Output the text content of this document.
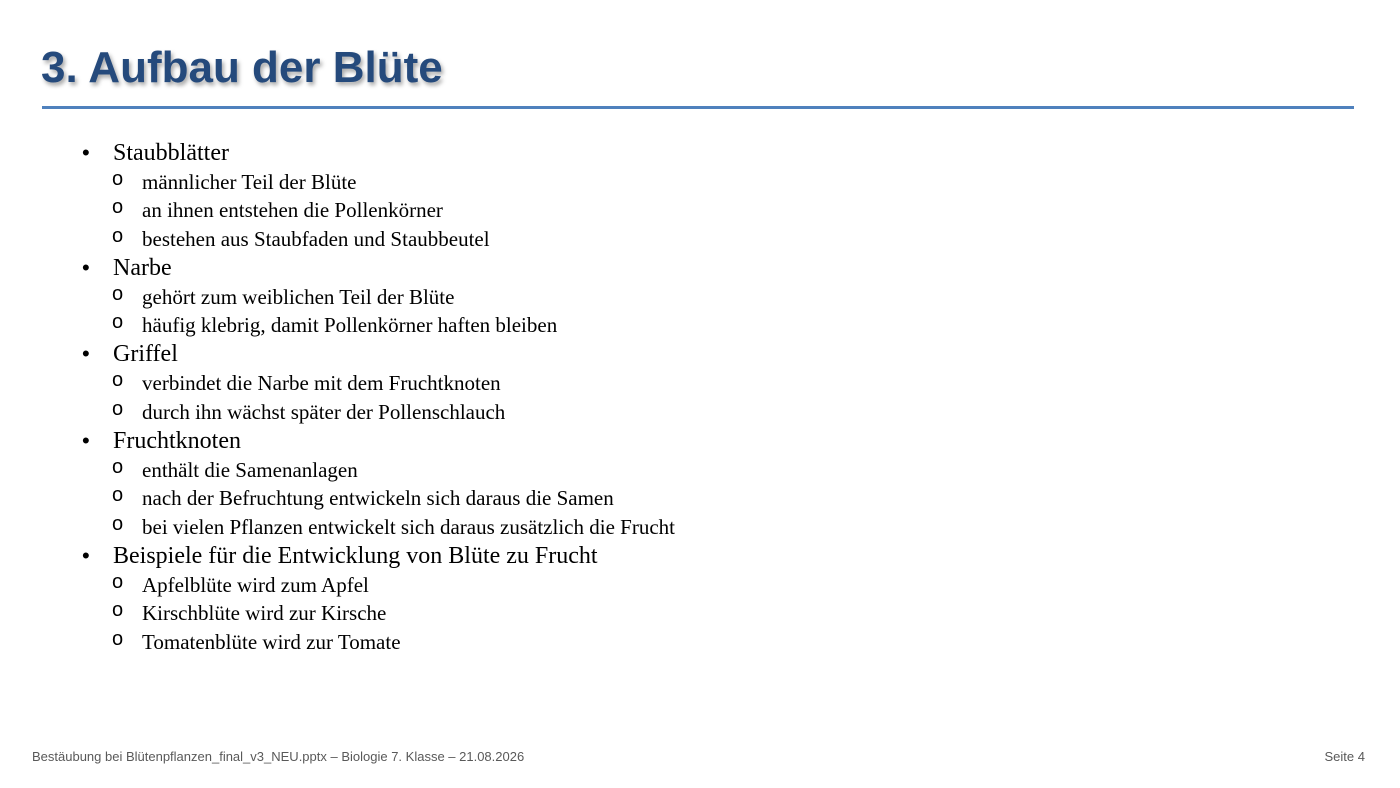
3. Aufbau der Blüte
• Staubblätter
o männlicher Teil der Blüte
o an ihnen entstehen die Pollenkörner
o bestehen aus Staubfaden und Staubbeutel
• Narbe
o gehört zum weiblichen Teil der Blüte
o häufig klebrig, damit Pollenkörner haften bleiben
• Griffel
o verbindet die Narbe mit dem Fruchtknoten
o durch ihn wächst später der Pollenschlauch
• Fruchtknoten
o enthält die Samenanlagen
o nach der Befruchtung entwickeln sich daraus die Samen
o bei vielen Pflanzen entwickelt sich daraus zusätzlich die Frucht
• Beispiele für die Entwicklung von Blüte zu Frucht
o Apfelblüte wird zum Apfel
o Kirschblüte wird zur Kirsche
o Tomatenblüte wird zur Tomate
Bestäubung bei Blütenpflanzen_final_v3_NEU.pptx – Biologie 7. Klasse – 21.08.2026	Seite 4
